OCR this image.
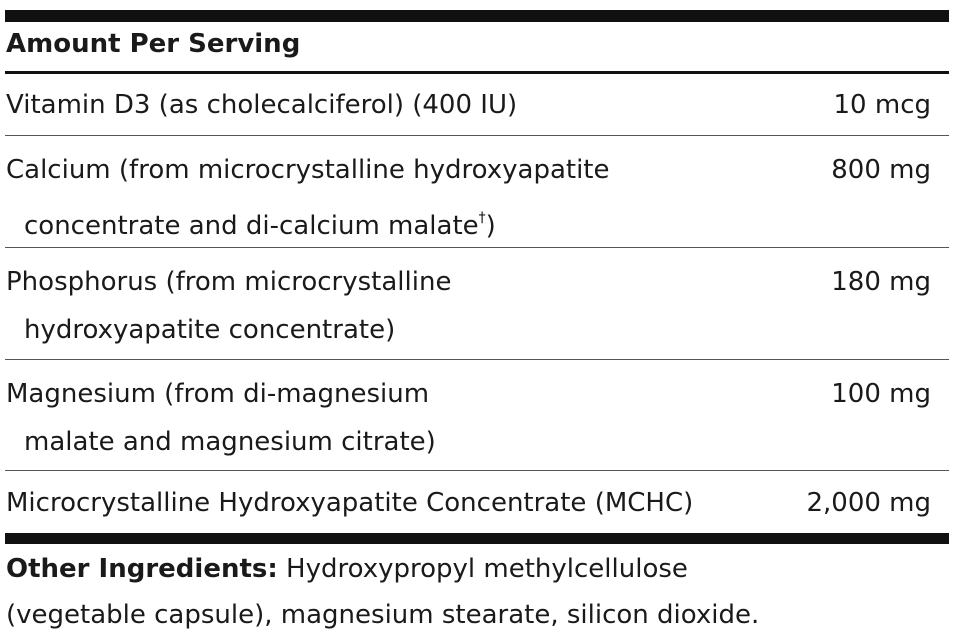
Amount Per Serving
Vitamin D3 (as cholecalciferol) (400 IU)	10 mcg
Calcium (from microcrystalline hydroxyapatite
concentrate and di-calcium malate†)
800 mg
Phosphorus (from microcrystalline
hydroxyapatite concentrate)
180 mg
Magnesium (from di-magnesium
malate and magnesium citrate)
100 mg
Microcrystalline Hydroxyapatite Concentrate (MCHC)	2,000 mg
Other Ingredients: Hydroxypropyl methylcellulose
(vegetable capsule), magnesium stearate, silicon dioxide.
